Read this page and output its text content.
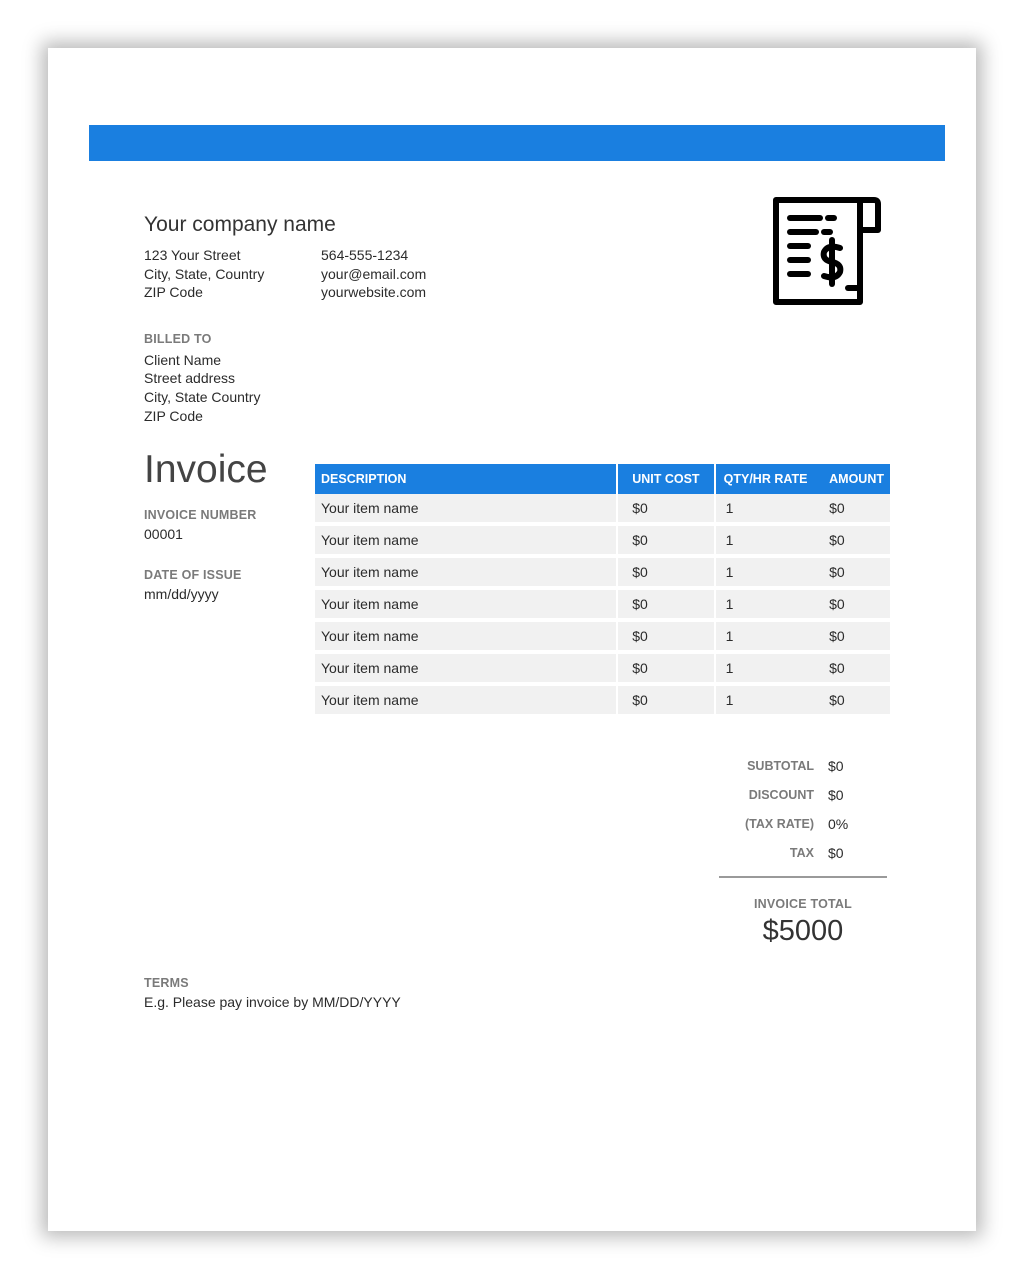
Your company name
123 Your Street
City, State, Country
ZIP Code
564-555-1234
your@email.com
yourwebsite.com
BILLED TO
Client Name
Street address
City, State Country
ZIP Code
Invoice
INVOICE NUMBER
00001
DATE OF ISSUE
mm/dd/yyyy
DESCRIPTION	UNIT COST	QTY/HR RATE	AMOUNT
Your item name	$0	1	$0
Your item name	$0	1	$0
Your item name	$0	1	$0
Your item name	$0	1	$0
Your item name	$0	1	$0
Your item name	$0	1	$0
Your item name	$0	1	$0
SUBTOTAL	$0
DISCOUNT	$0
(TAX RATE)	0%
TAX	$0
INVOICE TOTAL
$5000
TERMS
E.g. Please pay invoice by MM/DD/YYYY
